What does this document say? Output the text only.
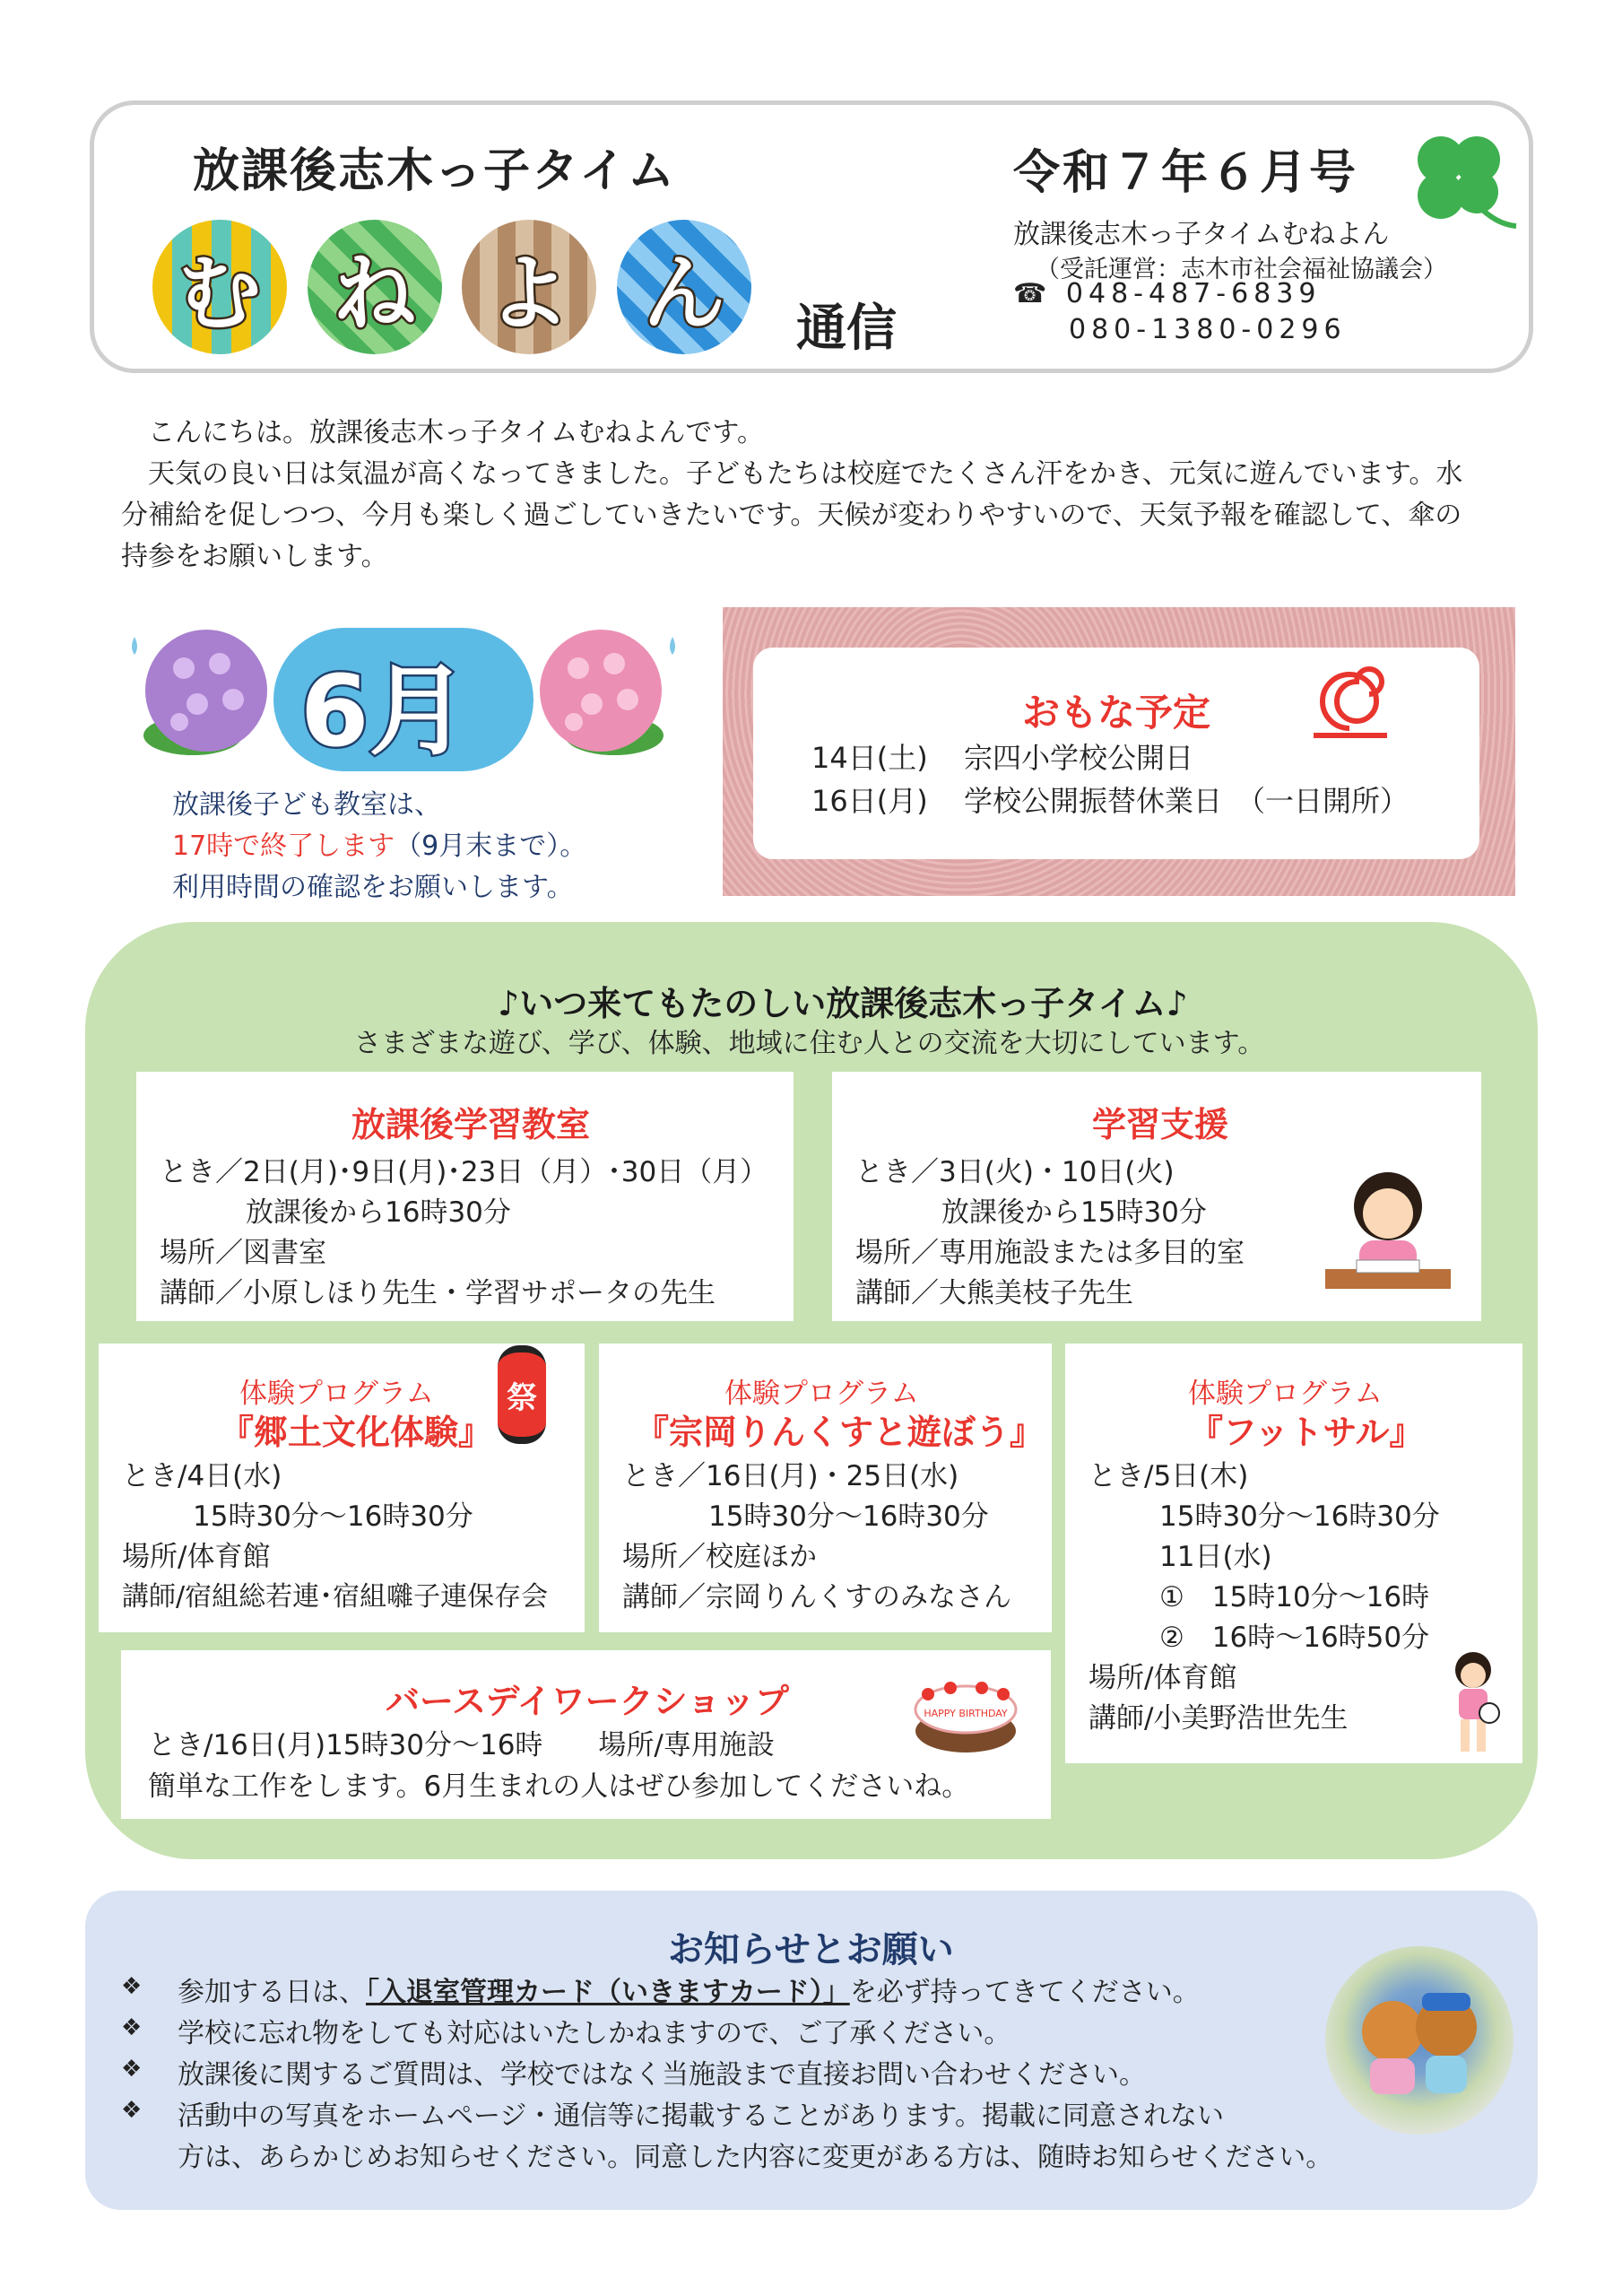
放課後志木っ子タイム
む ね よ ん	通信
令和７年６月号
放課後志木っ子タイムむねよん
（受託運営：志木市社会福祉協議会）
☎ 048-487-6839
080-1380-0296
こんにちは。放課後志木っ子タイムむねよんです。
天気の良い日は気温が高くなってきました。子どもたちは校庭でたくさん汗をかき、元気に遊んでいます。水分補給を促しつつ、今月も楽しく過ごしていきたいです。天候が変わりやすいので、天気予報を確認して、傘の持参をお願いします。
6月
放課後子ども教室は、
17時で終了します（9月末まで）。
利用時間の確認をお願いします。
おもな予定
14日(土) 宗四小学校公開日
16日(月) 学校公開振替休業日　（一日開所）
♪いつ来てもたのしい放課後志木っ子タイム♪
さまざまな遊び、学び、体験、地域に住む人との交流を大切にしています。
放課後学習教室
とき／2日(月)･9日(月)･23日（月）･30日（月）
放課後から16時30分
場所／図書室
講師／小原しほり先生・学習サポータの先生
学習支援
とき／3日(火)・10日(火)
放課後から15時30分
場所／専用施設または多目的室
講師／大熊美枝子先生
体験プログラム
『郷土文化体験』
とき/4日(水)
15時30分～16時30分
場所/体育館
講師/宿組総若連･宿組囃子連保存会
祭	体験プログラム
『宗岡りんくすと遊ぼう』
とき／16日(月)・25日(水)
15時30分～16時30分
場所／校庭ほか
講師／宗岡りんくすのみなさん
体験プログラム
『フットサル』
とき/5日(木)
15時30分～16時30分
11日(水)
①　15時10分～16時
②　16時～16時50分
場所/体育館
講師/小美野浩世先生
バースデイワークショップ
とき/16日(月)15時30分～16時　　場所/専用施設
簡単な工作をします。6月生まれの人はぜひ参加してくださいね。
HAPPY BIRTHDAY
お知らせとお願い
❖ 参加する日は、「入退室管理カード（いきますカード）」を必ず持ってきてください。
❖ 学校に忘れ物をしても対応はいたしかねますので、ご了承ください。
❖ 放課後に関するご質問は、学校ではなく当施設まで直接お問い合わせください。
❖ 活動中の写真をホームページ・通信等に掲載することがあります。掲載に同意されない
方は、あらかじめお知らせください。同意した内容に変更がある方は、随時お知らせください。
